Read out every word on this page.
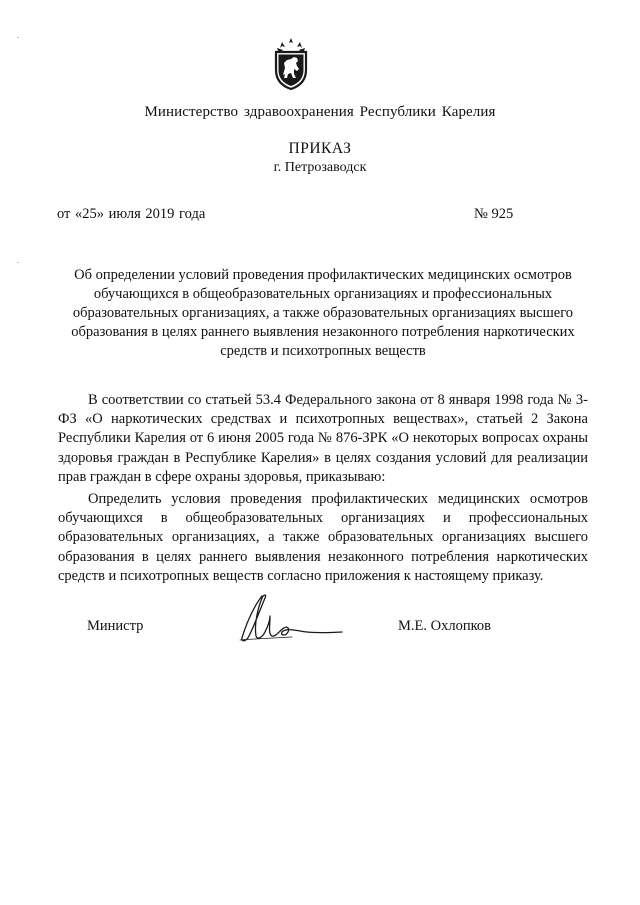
Министерство здравоохранения Республики Карелия
ПРИКАЗ
г. Петрозаводск
от «25» июля 2019 года	№ 925
Об определении условий проведения профилактических медицинских осмотров
обучающихся в общеобразовательных организациях и профессиональных
образовательных организациях, а также образовательных организациях высшего
образования в целях раннего выявления незаконного потребления наркотических
средств и психотропных веществ

В соответствии со статьей 53.4 Федерального закона от 8 января 1998 года № 3-ФЗ «О наркотических средствах и психотропных веществах», статьей 2 Закона Республики Карелия от 6 июня 2005 года № 876-ЗРК «О некоторых вопросах охраны здоровья граждан в Республике Карелия» в целях создания условий для реализации прав граждан в сфере охраны здоровья, приказываю:

Определить условия проведения профилактических медицинских осмотров обучающихся в общеобразовательных организациях и профессиональных образовательных организациях, а также образовательных организациях высшего образования в целях раннего выявления незаконного потребления наркотических средств и психотропных веществ согласно приложения к настоящему приказу.

Министр	М.Е. Охлопков
